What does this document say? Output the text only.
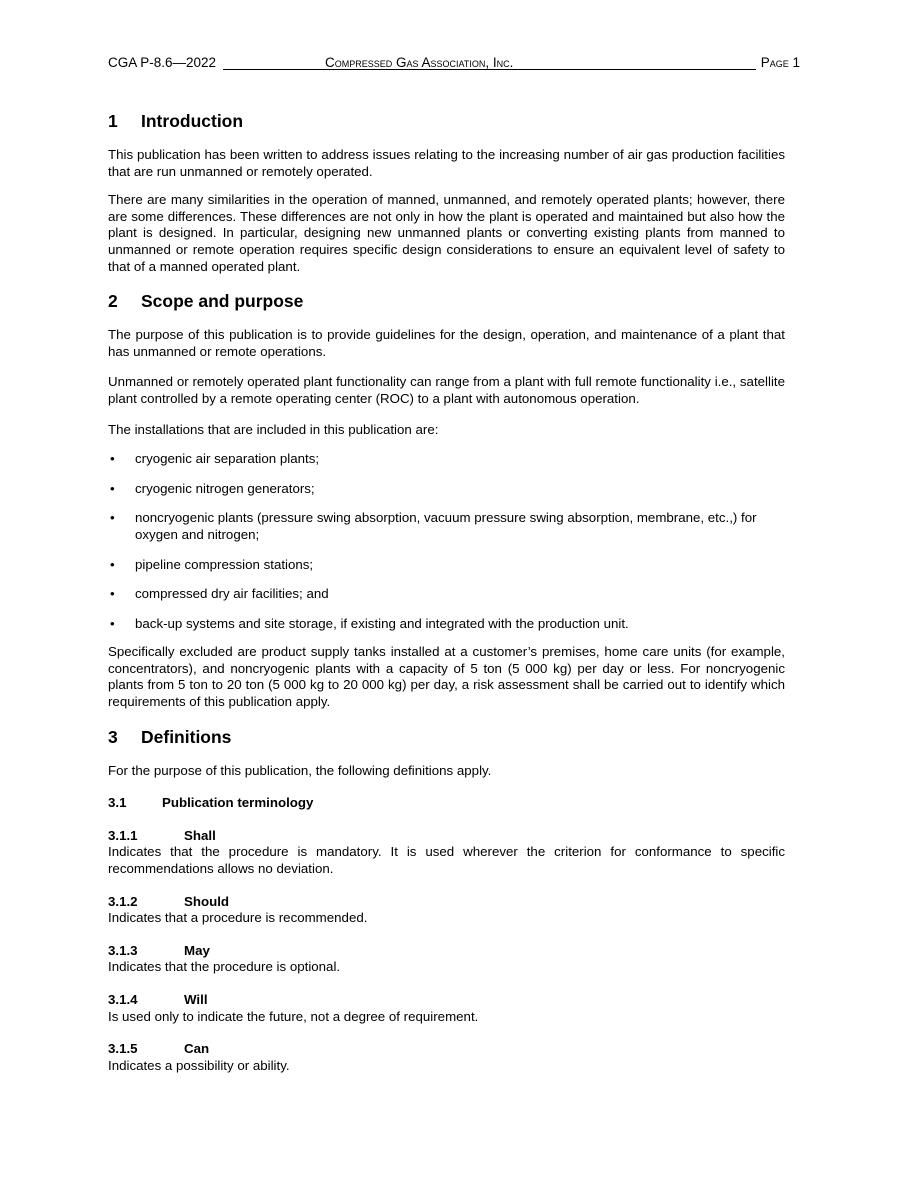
CGA P-8.6—2022	Compressed Gas Association, Inc.	Page 1
1 Introduction

This publication has been written to address issues relating to the increasing number of air gas production facilities that are run unmanned or remotely operated.

There are many similarities in the operation of manned, unmanned, and remotely operated plants; however, there are some differences. These differences are not only in how the plant is operated and maintained but also how the plant is designed. In particular, designing new unmanned plants or converting existing plants from manned to unmanned or remote operation requires specific design considerations to ensure an equivalent level of safety to that of a manned operated plant.

2 Scope and purpose

The purpose of this publication is to provide guidelines for the design, operation, and maintenance of a plant that has unmanned or remote operations.

Unmanned or remotely operated plant functionality can range from a plant with full remote functionality i.e., satellite plant controlled by a remote operating center (ROC) to a plant with autonomous operation.

The installations that are included in this publication are:

• cryogenic air separation plants;
• cryogenic nitrogen generators;
• noncryogenic plants (pressure swing absorption, vacuum pressure swing absorption, membrane, etc.,) for oxygen and nitrogen;
• pipeline compression stations;
• compressed dry air facilities; and
• back-up systems and site storage, if existing and integrated with the production unit.

Specifically excluded are product supply tanks installed at a customer’s premises, home care units (for example, concentrators), and noncryogenic plants with a capacity of 5 ton (5 000 kg) per day or less. For noncryogenic plants from 5 ton to 20 ton (5 000 kg to 20 000 kg) per day, a risk assessment shall be carried out to identify which requirements of this publication apply.

3 Definitions

For the purpose of this publication, the following definitions apply.

3.1	Publication terminology
3.1.1	Shall

Indicates that the procedure is mandatory. It is used wherever the criterion for conformance to specific recommendations allows no deviation.

3.1.2	Should

Indicates that a procedure is recommended.

3.1.3	May

Indicates that the procedure is optional.

3.1.4	Will

Is used only to indicate the future, not a degree of requirement.

3.1.5	Can

Indicates a possibility or ability.
